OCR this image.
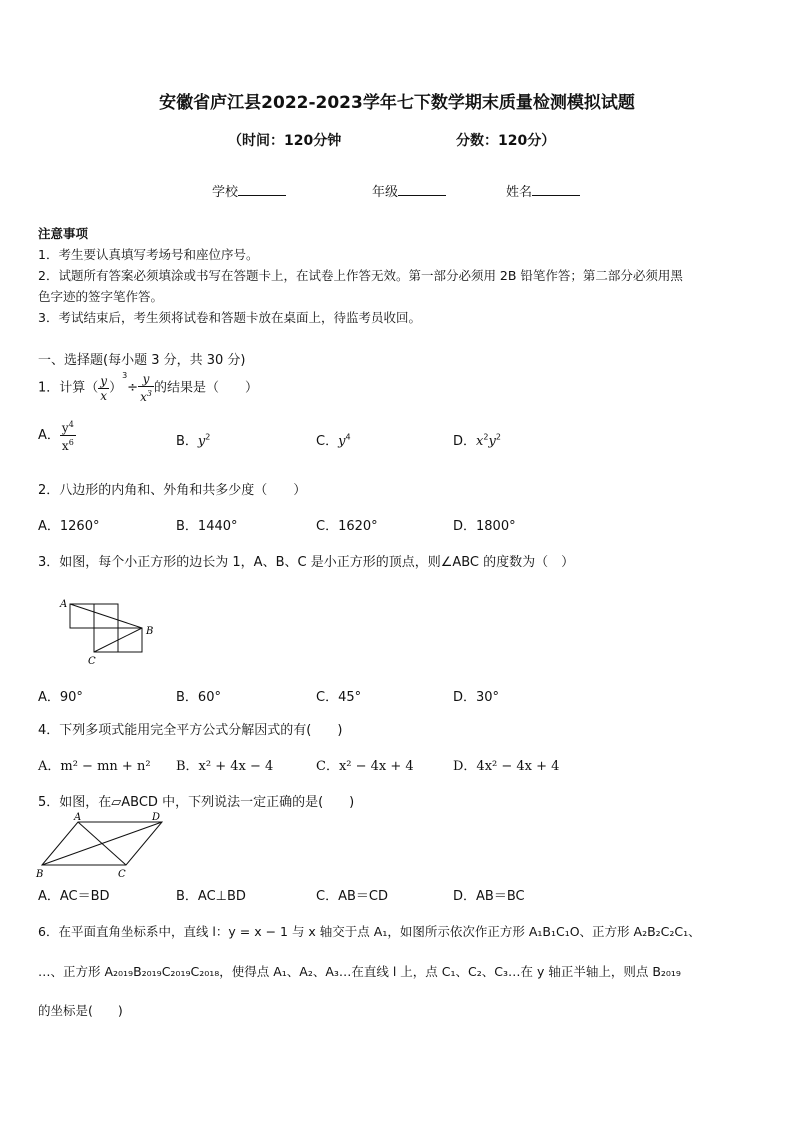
安徽省庐江县2022-2023学年七下数学期末质量检测模拟试题
（时间：120分钟	分数：120分）
学校	年级	姓名
注意事项
1．考生要认真填写考场号和座位序号。
2．试题所有答案必须填涂或书写在答题卡上，在试卷上作答无效。第一部分必须用 2B 铅笔作答；第二部分必须用黑
色字迹的签字笔作答。
3．考试结束后，考生须将试卷和答题卡放在桌面上，待监考员收回。
一、选择题(每小题 3 分，共 30 分)
1．计算（ $\frac{y}{x} )^3\div \frac{y}{x^3}$ 的结果是（　　）
A． $\frac{y^4}{x^6}$	B．$y^2$	C．$y^4$	D．$x^2y^2$
2．八边形的内角和、外角和共多少度（　　）
A．1260°	B．1440°	C．1620°	D．1800°
3．如图，每个小正方形的边长为 1，A、B、C 是小正方形的顶点，则∠ABC 的度数为（　）
A
B
C
A．90°	B．60°	C．45°	D．30°
4．下列多项式能用完全平方公式分解因式的有(　　)
A．m² − mn + n² B．x² + 4x − 4	C．x² − 4x + 4	D．4x² − 4x + 4
5．如图，在▱ABCD 中，下列说法一定正确的是(　　)
A	D
B	C
A．AC＝BD	B．AC⊥BD	C．AB＝CD	D．AB＝BC
6．在平面直角坐标系中，直线 l：y = x − 1 与 x 轴交于点 A₁，如图所示依次作正方形 A₁B₁C₁O、正方形 A₂B₂C₂C₁、
…、正方形 A₂₀₁₉B₂₀₁₉C₂₀₁₉C₂₀₁₈，使得点 A₁、A₂、A₃…在直线 l 上，点 C₁、C₂、C₃…在 y 轴正半轴上，则点 B₂₀₁₉
的坐标是(　　)
